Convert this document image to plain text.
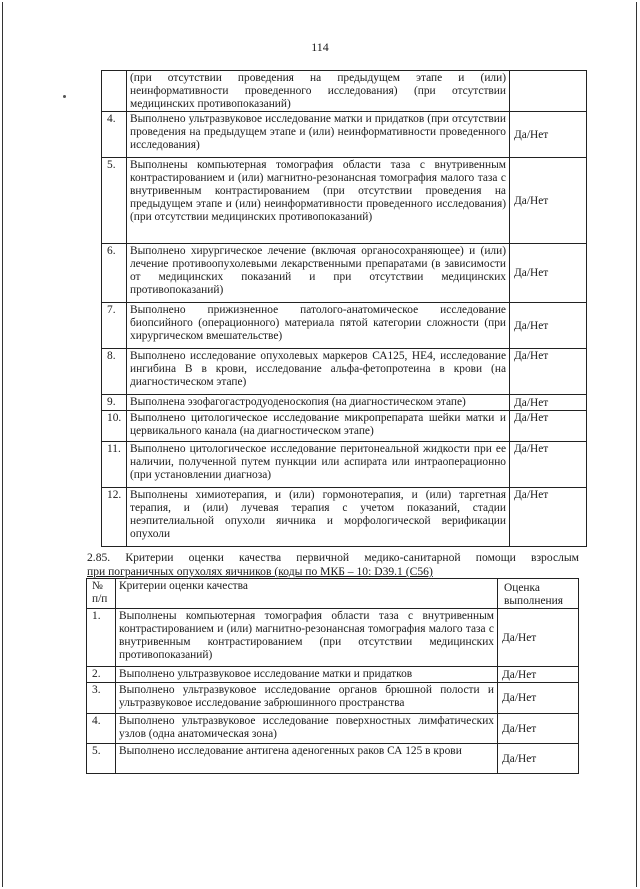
114
	(при отсутствии проведения на предыдущем этапе и (или) неинформативности проведенного исследования) (при отсутствии медицинских противопоказаний)	
4.	Выполнено ультразвуковое исследование матки и придатков (при отсутствии проведения на предыдущем этапе и (или) неинформативности проведенного исследования)	Да/Нет
5.	Выполнены компьютерная томография области таза с внутривенным контрастированием и (или) магнитно-резонансная томография малого таза с внутривенным контрастированием (при отсутствии проведения на предыдущем этапе и (или) неинформативности проведенного исследования) (при отсутствии медицинских противопоказаний)	Да/Нет
6.	Выполнено хирургическое лечение (включая органосохраняющее) и (или) лечение противоопухолевыми лекарственными препаратами (в зависимости от медицинских показаний и при отсутствии медицинских противопоказаний)	Да/Нет
7.	Выполнено прижизненное патолого-анатомическое исследование биопсийного (операционного) материала пятой категории сложности (при хирургическом вмешательстве)	Да/Нет
8.	Выполнено исследование опухолевых маркеров СА125, НЕ4, исследование ингибина В в крови, исследование альфа-фетопротеина в крови (на диагностическом этапе)	Да/Нет
9.	Выполнена эзофагогастродуоденоскопия (на диагностическом этапе)	Да/Нет
10.	Выполнено цитологическое исследование микропрепарата шейки матки и цервикального канала (на диагностическом этапе)	Да/Нет
11.	Выполнено цитологическое исследование перитонеальной жидкости при ее наличии, полученной путем пункции или аспирата или интраоперационно (при установлении диагноза)	Да/Нет
12.	Выполнены химиотерапия, и (или) гормонотерапия, и (или) таргетная терапия, и (или) лучевая терапия с учетом показаний, стадии неэпителиальной опухоли яичника и морфологической верификации опухоли	Да/Нет
2.85. Критерии оценки качества первичной медико-санитарной помощи взрослым
при пограничных опухолях яичников (коды по МКБ – 10: D39.1 (C56)
№ п/п	Критерии оценки качества	Оценка выполнения
1.	Выполнены компьютерная томография области таза с внутривенным контрастированием и (или) магнитно-резонансная томография малого таза с внутривенным контрастированием (при отсутствии медицинских противопоказаний)	Да/Нет
2.	Выполнено ультразвуковое исследование матки и придатков	Да/Нет
3.	Выполнено ультразвуковое исследование органов брюшной полости и ультразвуковое исследование забрюшинного пространства	Да/Нет
4.	Выполнено ультразвуковое исследование поверхностных лимфатических узлов (одна анатомическая зона)	Да/Нет
5.	Выполнено исследование антигена аденогенных раков СА 125 в крови	Да/Нет
